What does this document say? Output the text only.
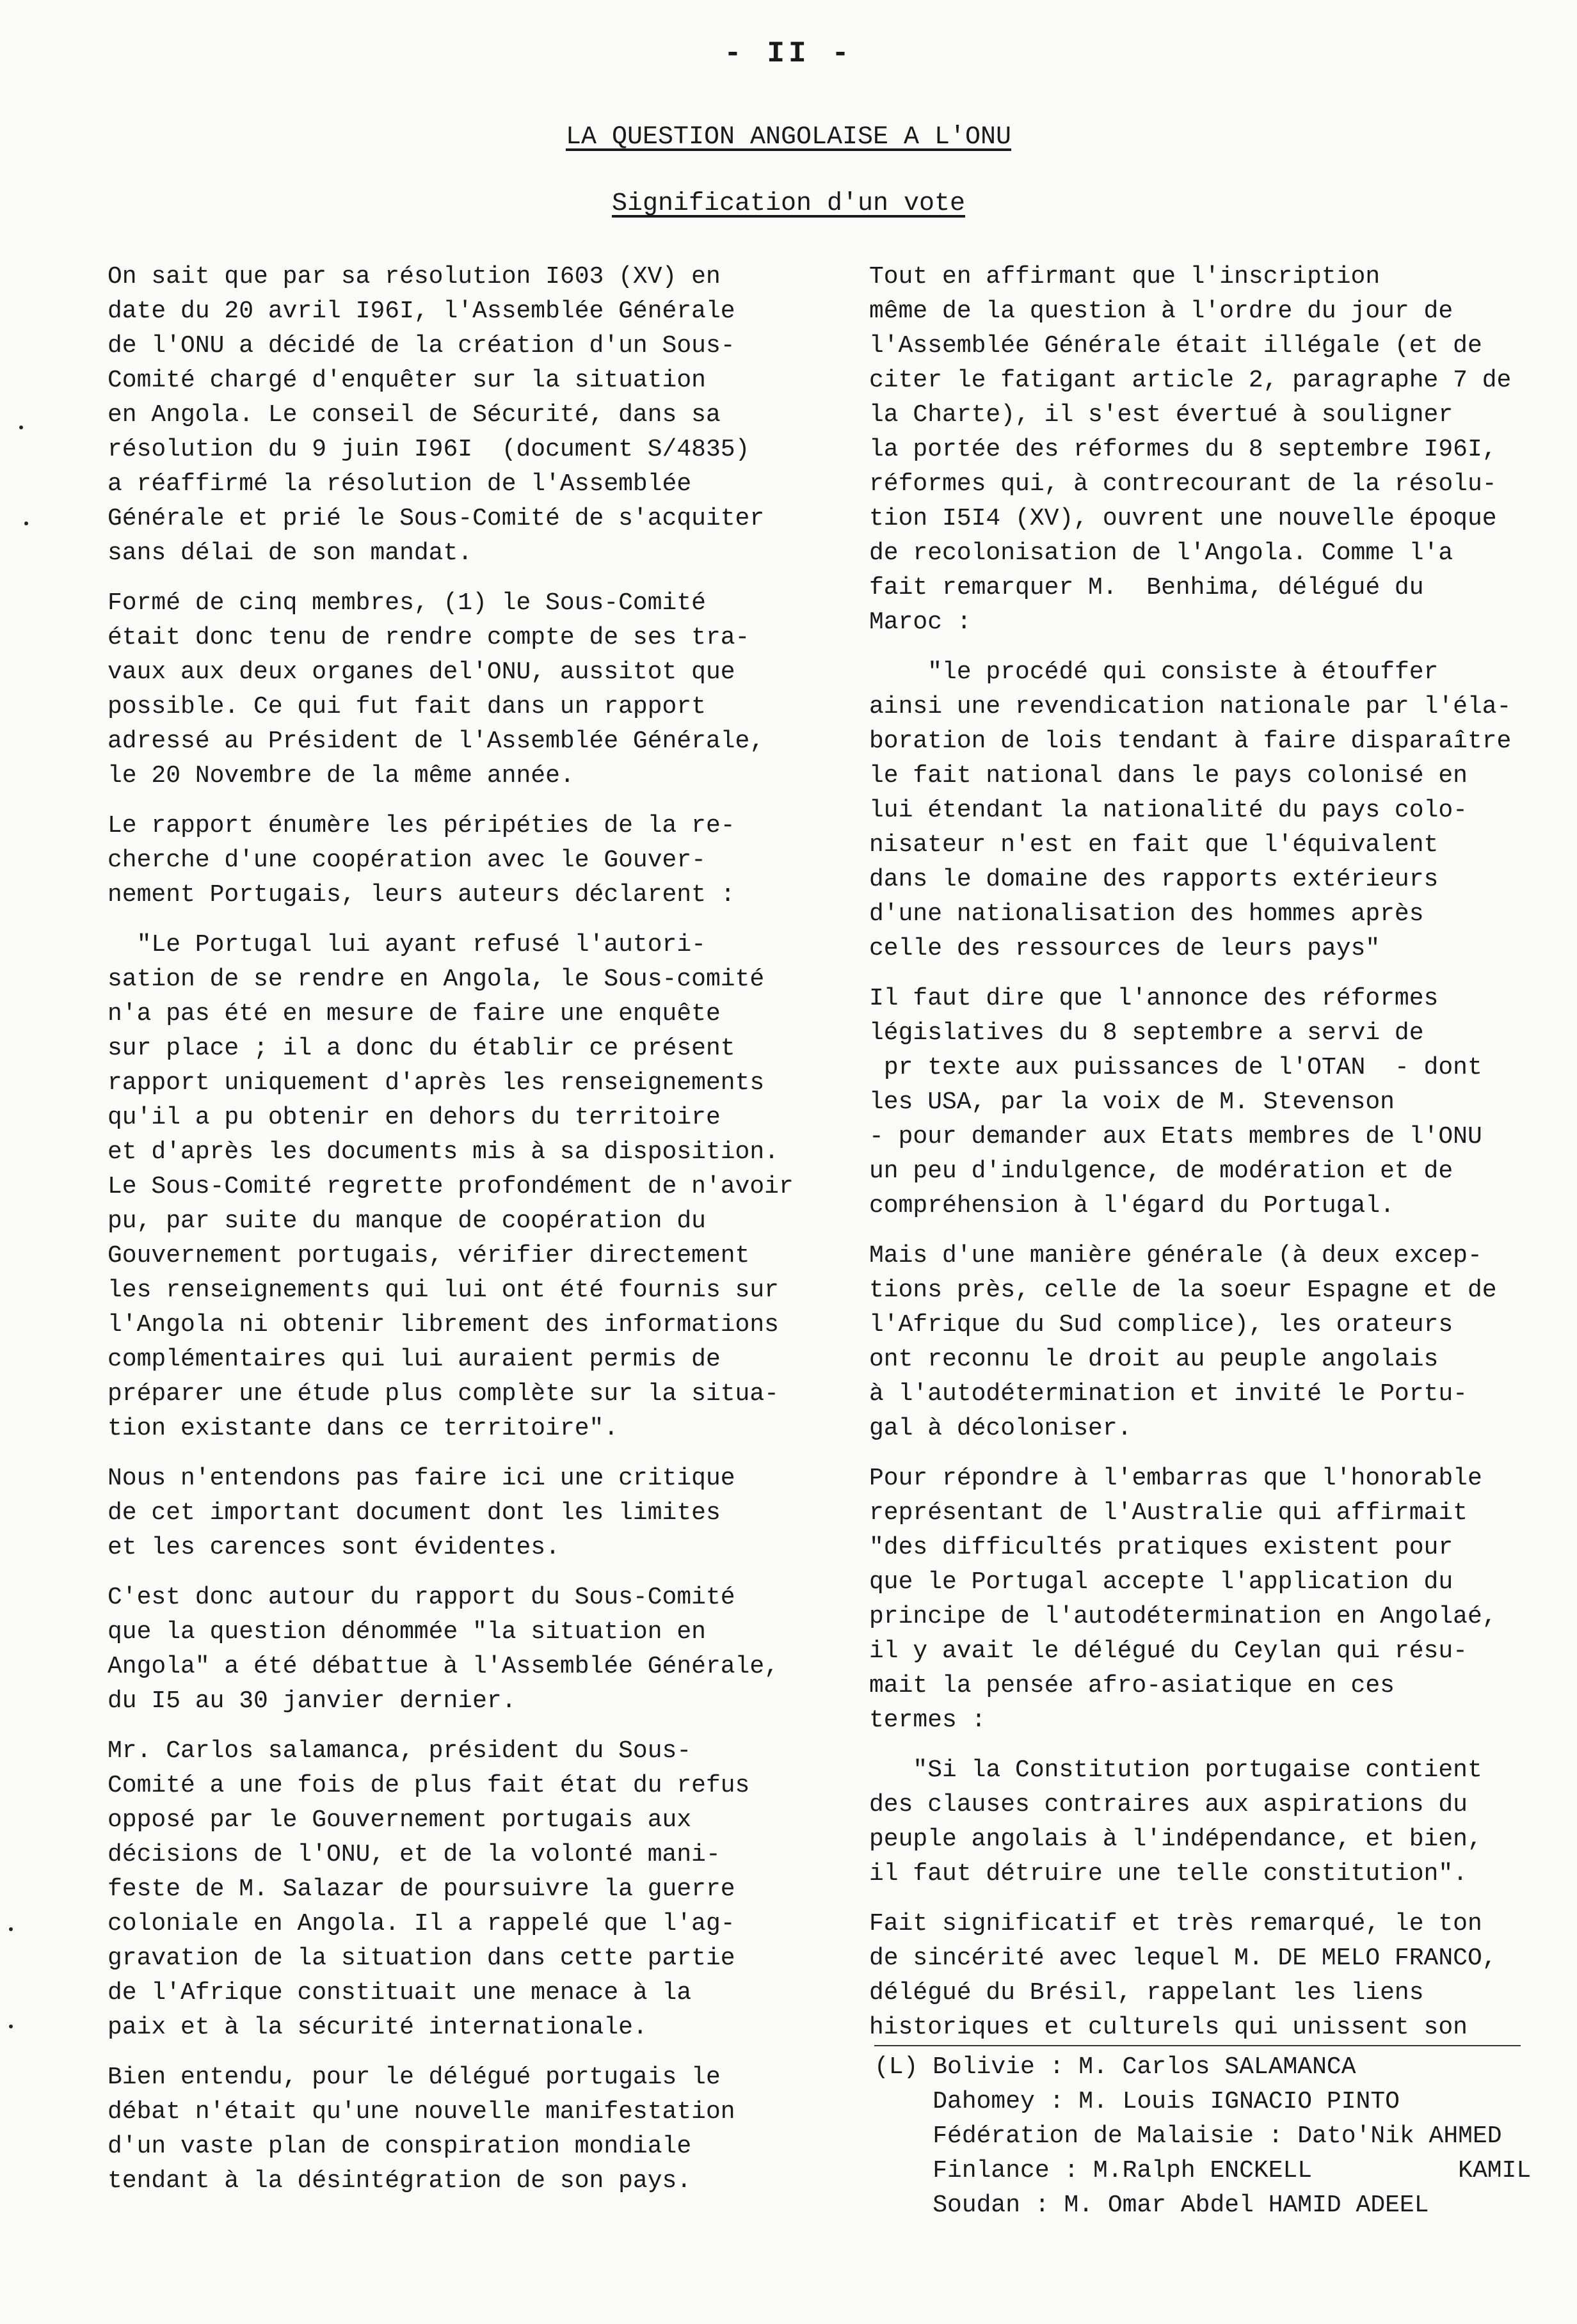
- II -
LA QUESTION ANGOLAISE A L'ONU
Signification d'un vote

On sait que par sa résolution I603 (XV) en
date du 20 avril I96I, l'Assemblée Générale
de l'ONU a décidé de la création d'un Sous-
Comité chargé d'enquêter sur la situation
en Angola. Le conseil de Sécurité, dans sa
résolution du 9 juin I96I  (document S/4835)
a réaffirmé la résolution de l'Assemblée
Générale et prié le Sous-Comité de s'acquiter
sans délai de son mandat.

Formé de cinq membres, (1) le Sous-Comité
était donc tenu de rendre compte de ses tra-
vaux aux deux organes del'ONU, aussitot que
possible. Ce qui fut fait dans un rapport
adressé au Président de l'Assemblée Générale,
le 20 Novembre de la même année.

Le rapport énumère les péripéties de la re-
cherche d'une coopération avec le Gouver-
nement Portugais, leurs auteurs déclarent :

"Le Portugal lui ayant refusé l'autori-
sation de se rendre en Angola, le Sous-comité
n'a pas été en mesure de faire une enquête
sur place ; il a donc du établir ce présent
rapport uniquement d'après les renseignements
qu'il a pu obtenir en dehors du territoire
et d'après les documents mis à sa disposition.
Le Sous-Comité regrette profondément de n'avoir
pu, par suite du manque de coopération du
Gouvernement portugais, vérifier directement
les renseignements qui lui ont été fournis sur
l'Angola ni obtenir librement des informations
complémentaires qui lui auraient permis de
préparer une étude plus complète sur la situa-
tion existante dans ce territoire".

Nous n'entendons pas faire ici une critique
de cet important document dont les limites
et les carences sont évidentes.

C'est donc autour du rapport du Sous-Comité
que la question dénommée "la situation en
Angola" a été débattue à l'Assemblée Générale,
du I5 au 30 janvier dernier.

Mr. Carlos salamanca, président du Sous-
Comité a une fois de plus fait état du refus
opposé par le Gouvernement portugais aux
décisions de l'ONU, et de la volonté mani-
feste de M. Salazar de poursuivre la guerre
coloniale en Angola. Il a rappelé que l'ag-
gravation de la situation dans cette partie
de l'Afrique constituait une menace à la
paix et à la sécurité internationale.

Bien entendu, pour le délégué portugais le
débat n'était qu'une nouvelle manifestation
d'un vaste plan de conspiration mondiale
tendant à la désintégration de son pays.

Tout en affirmant que l'inscription
même de la question à l'ordre du jour de
l'Assemblée Générale était illégale (et de
citer le fatigant article 2, paragraphe 7 de
la Charte), il s'est évertué à souligner
la portée des réformes du 8 septembre I96I,
réformes qui, à contrecourant de la résolu-
tion I5I4 (XV), ouvrent une nouvelle époque
de recolonisation de l'Angola. Comme l'a
fait remarquer M.  Benhima, délégué du
Maroc :

"le procédé qui consiste à étouffer
ainsi une revendication nationale par l'éla-
boration de lois tendant à faire disparaître
le fait national dans le pays colonisé en
lui étendant la nationalité du pays colo-
nisateur n'est en fait que l'équivalent
dans le domaine des rapports extérieurs
d'une nationalisation des hommes après
celle des ressources de leurs pays"

Il faut dire que l'annonce des réformes
législatives du 8 septembre a servi de
pr texte aux puissances de l'OTAN  - dont
les USA, par la voix de M. Stevenson
- pour demander aux Etats membres de l'ONU
un peu d'indulgence, de modération et de
compréhension à l'égard du Portugal.

Mais d'une manière générale (à deux excep-
tions près, celle de la soeur Espagne et de
l'Afrique du Sud complice), les orateurs
ont reconnu le droit au peuple angolais
à l'autodétermination et invité le Portu-
gal à décoloniser.

Pour répondre à l'embarras que l'honorable
représentant de l'Australie qui affirmait
"des difficultés pratiques existent pour
que le Portugal accepte l'application du
principe de l'autodétermination en Angolaé,
il y avait le délégué du Ceylan qui résu-
mait la pensée afro-asiatique en ces
termes :

"Si la Constitution portugaise contient
des clauses contraires aux aspirations du
peuple angolais à l'indépendance, et bien,
il faut détruire une telle constitution".

Fait significatif et très remarqué, le ton
de sincérité avec lequel M. DE MELO FRANCO,
délégué du Brésil, rappelant les liens
historiques et culturels qui unissent son

(L) Bolivie : M. Carlos SALAMANCA

Dahomey : M. Louis IGNACIO PINTO

Fédération de Malaisie : Dato'Nik AHMED

Finlance : M.Ralph ENCKELL          KAMIL

Soudan : M. Omar Abdel HAMID ADEEL
